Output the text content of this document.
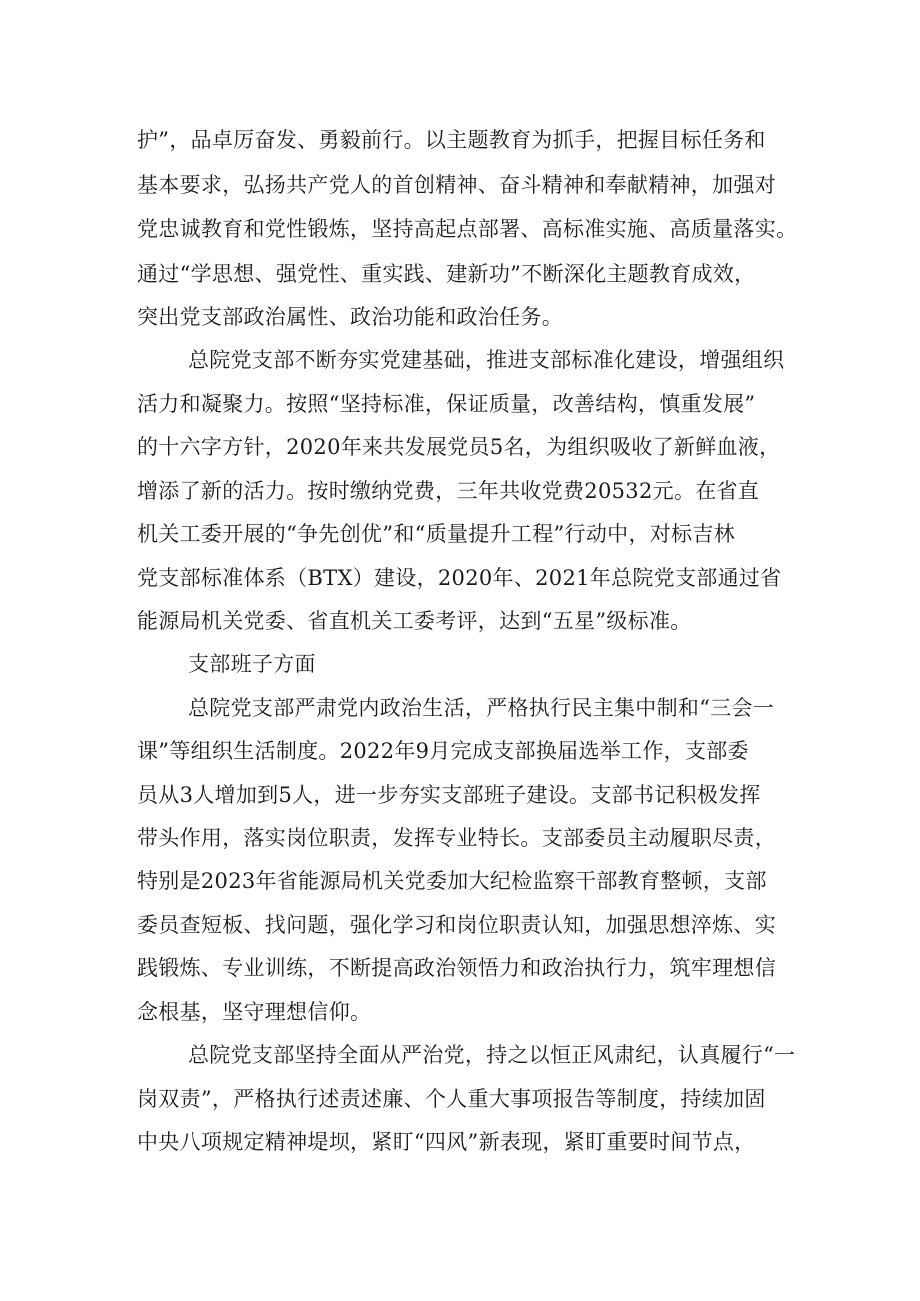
护”，品卓厉奋发、勇毅前行。以主题教育为抓手，把握目标任务和
基本要求，弘扬共产党人的首创精神、奋斗精神和奉献精神，加强对
党忠诚教育和党性锻炼，坚持高起点部署、高标准实施、高质量落实。
通过“学思想、强党性、重实践、建新功”不断深化主题教育成效，
突出党支部政治属性、政治功能和政治任务。
总院党支部不断夯实党建基础，推进支部标准化建设，增强组织
活力和凝聚力。按照“坚持标准，保证质量，改善结构，慎重发展”
的十六字方针，2020年来共发展党员5名，为组织吸收了新鲜血液，
增添了新的活力。按时缴纳党费，三年共收党费20532元。在省直
机关工委开展的“争先创优”和“质量提升工程”行动中，对标吉林
党支部标准体系（BTX）建设，2020年、2021年总院党支部通过省
能源局机关党委、省直机关工委考评，达到“五星”级标准。
支部班子方面
总院党支部严肃党内政治生活，严格执行民主集中制和“三会一
课”等组织生活制度。2022年9月完成支部换届选举工作，支部委
员从3人增加到5人，进一步夯实支部班子建设。支部书记积极发挥
带头作用，落实岗位职责，发挥专业特长。支部委员主动履职尽责，
特别是2023年省能源局机关党委加大纪检监察干部教育整顿，支部
委员查短板、找问题，强化学习和岗位职责认知，加强思想淬炼、实
践锻炼、专业训练，不断提高政治领悟力和政治执行力，筑牢理想信
念根基，坚守理想信仰。
总院党支部坚持全面从严治党，持之以恒正风肃纪，认真履行“一
岗双责”，严格执行述责述廉、个人重大事项报告等制度，持续加固
中央八项规定精神堤坝，紧盯“四风”新表现，紧盯重要时间节点，
